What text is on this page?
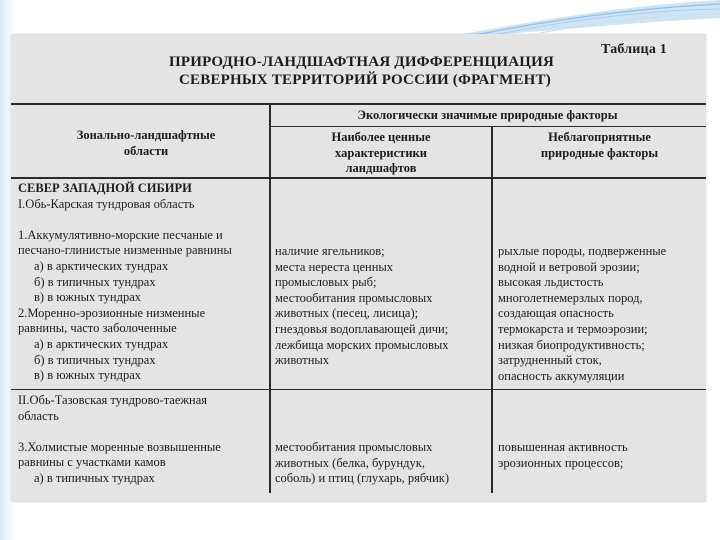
Таблица 1
ПРИРОДНО-ЛАНДШАФТНАЯ ДИФФЕРЕНЦИАЦИЯ
СЕВЕРНЫХ ТЕРРИТОРИЙ РОССИИ (ФРАГМЕНТ)
Зонально-ландшафтные
области
Экологически значимые природные факторы
Наиболее ценные
характеристики
ландшафтов
Неблагоприятные
природные факторы
СЕВЕР ЗАПАДНОЙ СИБИРИ
I.Обь-Карская тундровая область

1.Аккумулятивно-морские песчаные и
песчано-глинистые низменные равнины

а) в арктических тундрах
б) в типичных тундрах
в) в южных тундрах
2.Моренно-эрозионные низменные
равнины, часто заболоченные

а) в арктических тундрах
б) в типичных тундрах
в) в южных тундрах
наличие ягельников;
места нереста ценных
промысловых рыб;
местообитания промысловых
животных (песец, лисица);
гнездовья водоплавающей дичи;
лежбища морских промысловых
животных
рыхлые породы, подверженные
водной и ветровой эрозии;
высокая льдистость
многолетнемерзлых пород,
создающая опасность
термокарста и термоэрозии;
низкая биопродуктивность;
затрудненный сток,
опасность аккумуляции
II.Обь-Тазовская тундрово-таежная
область

3.Холмистые моренные возвышенные
равнины с участками камов

а) в типичных тундрах
местообитания промысловых
животных (белка, бурундук,
соболь) и птиц (глухарь, рябчик)
повышенная активность
эрозионных процессов;
